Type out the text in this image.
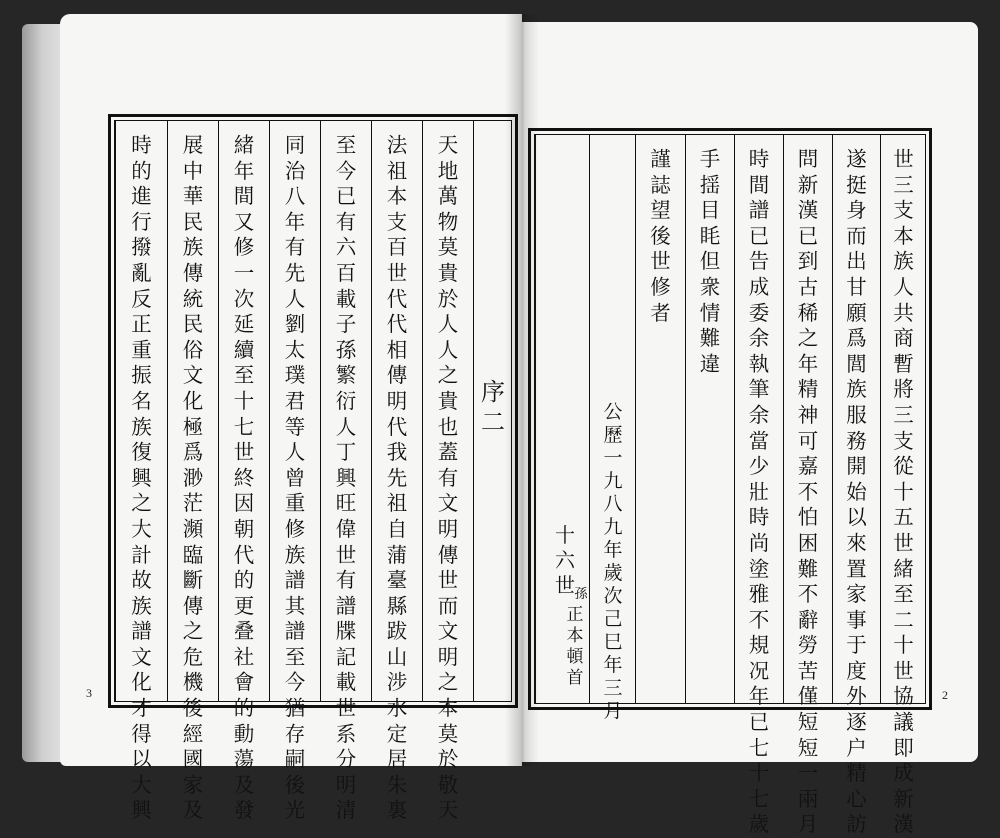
時的進行撥亂反正重振名族復興之大計故族譜文化才得以大興
展中華民族傳統民俗文化極爲渺茫瀕臨斷傳之危機後經國家及
緒年間又修一次延續至十七世終因朝代的更叠社會的動蕩及發
同治八年有先人劉太璞君等人曾重修族譜其譜至今猶存嗣後光
至今已有六百載子孫繁衍人丁興旺偉世有譜牒記載世系分明清
法祖本支百世代代相傳明代我先祖自蒲臺縣跋山涉水定居朱裏
天地萬物莫貴於人人之貴也蓋有文明傳世而文明之本莫於敬天
序二
3
十六世 孫
正本頓首
公歷一九八九年歲次己巳年三月
謹誌望後世修者
手揺目眊但衆情難違
時間譜已告成委 余執筆 余當少壯時尚塗雅不規况年已七十七歲
問新漢已到古稀之年精神可嘉不怕困難不辭勞苦僅短短一兩月
遂挺身而出甘願爲閭族服務開始以來置家事于度外逐户精心訪
世三支本族人共商暫將三支從十五世緒至二十世協議即成新漢
2
